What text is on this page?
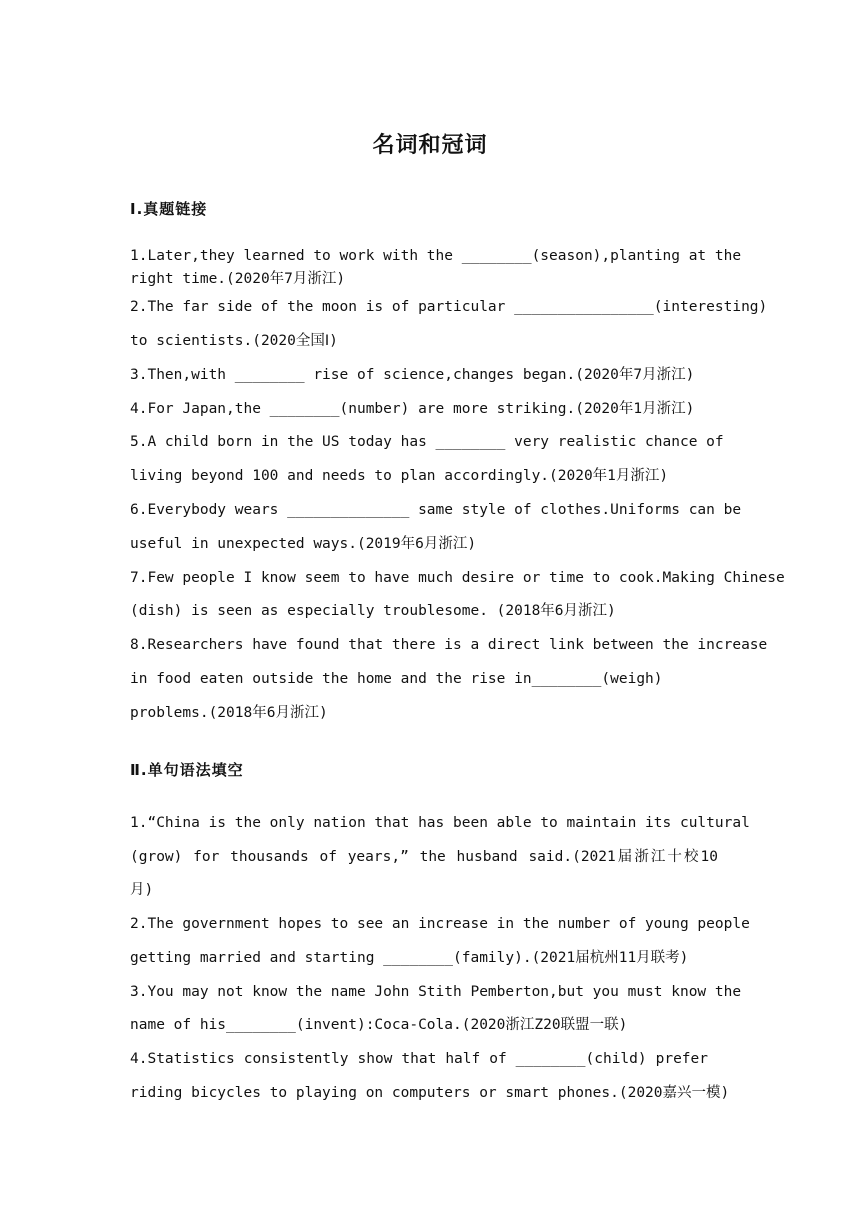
名词和冠词
Ⅰ.真题链接
1.Later,they learned to work with the ________(season),planting at the
right time.(2020年7月浙江)
2.The far side of the moon is of particular ________________(interesting)
to scientists.(2020全国Ⅰ)
3.Then,with ________ rise of science,changes began.(2020年7月浙江)
4.For Japan,the ________(number) are more striking.(2020年1月浙江)
5.A child born in the US today has ________ very realistic chance of
living beyond 100 and needs to plan accordingly.(2020年1月浙江)
6.Everybody wears ______________ same style of clothes.Uniforms can be
useful in unexpected ways.(2019年6月浙江)
7.Few people I know seem to have much desire or time to cook.Making Chinese
(dish) is seen as especially troublesome. (2018年6月浙江)
8.Researchers have found that there is a direct link between the increase
in food eaten outside the home and the rise in________(weigh)
problems.(2018年6月浙江)
Ⅱ.单句语法填空
1.“China is the only nation that has been able to maintain its cultural
(grow) for thousands of years,” the husband said.(2021届浙江十校10
月)
2.The government hopes to see an increase in the number of young people
getting married and starting ________(family).(2021届杭州11月联考)
3.You may not know the name John Stith Pemberton,but you must know the
name of his________(invent):Coca-Cola.(2020浙江Z20联盟一联)
4.Statistics consistently show that half of ________(child) prefer
riding bicycles to playing on computers or smart phones.(2020嘉兴一模)
